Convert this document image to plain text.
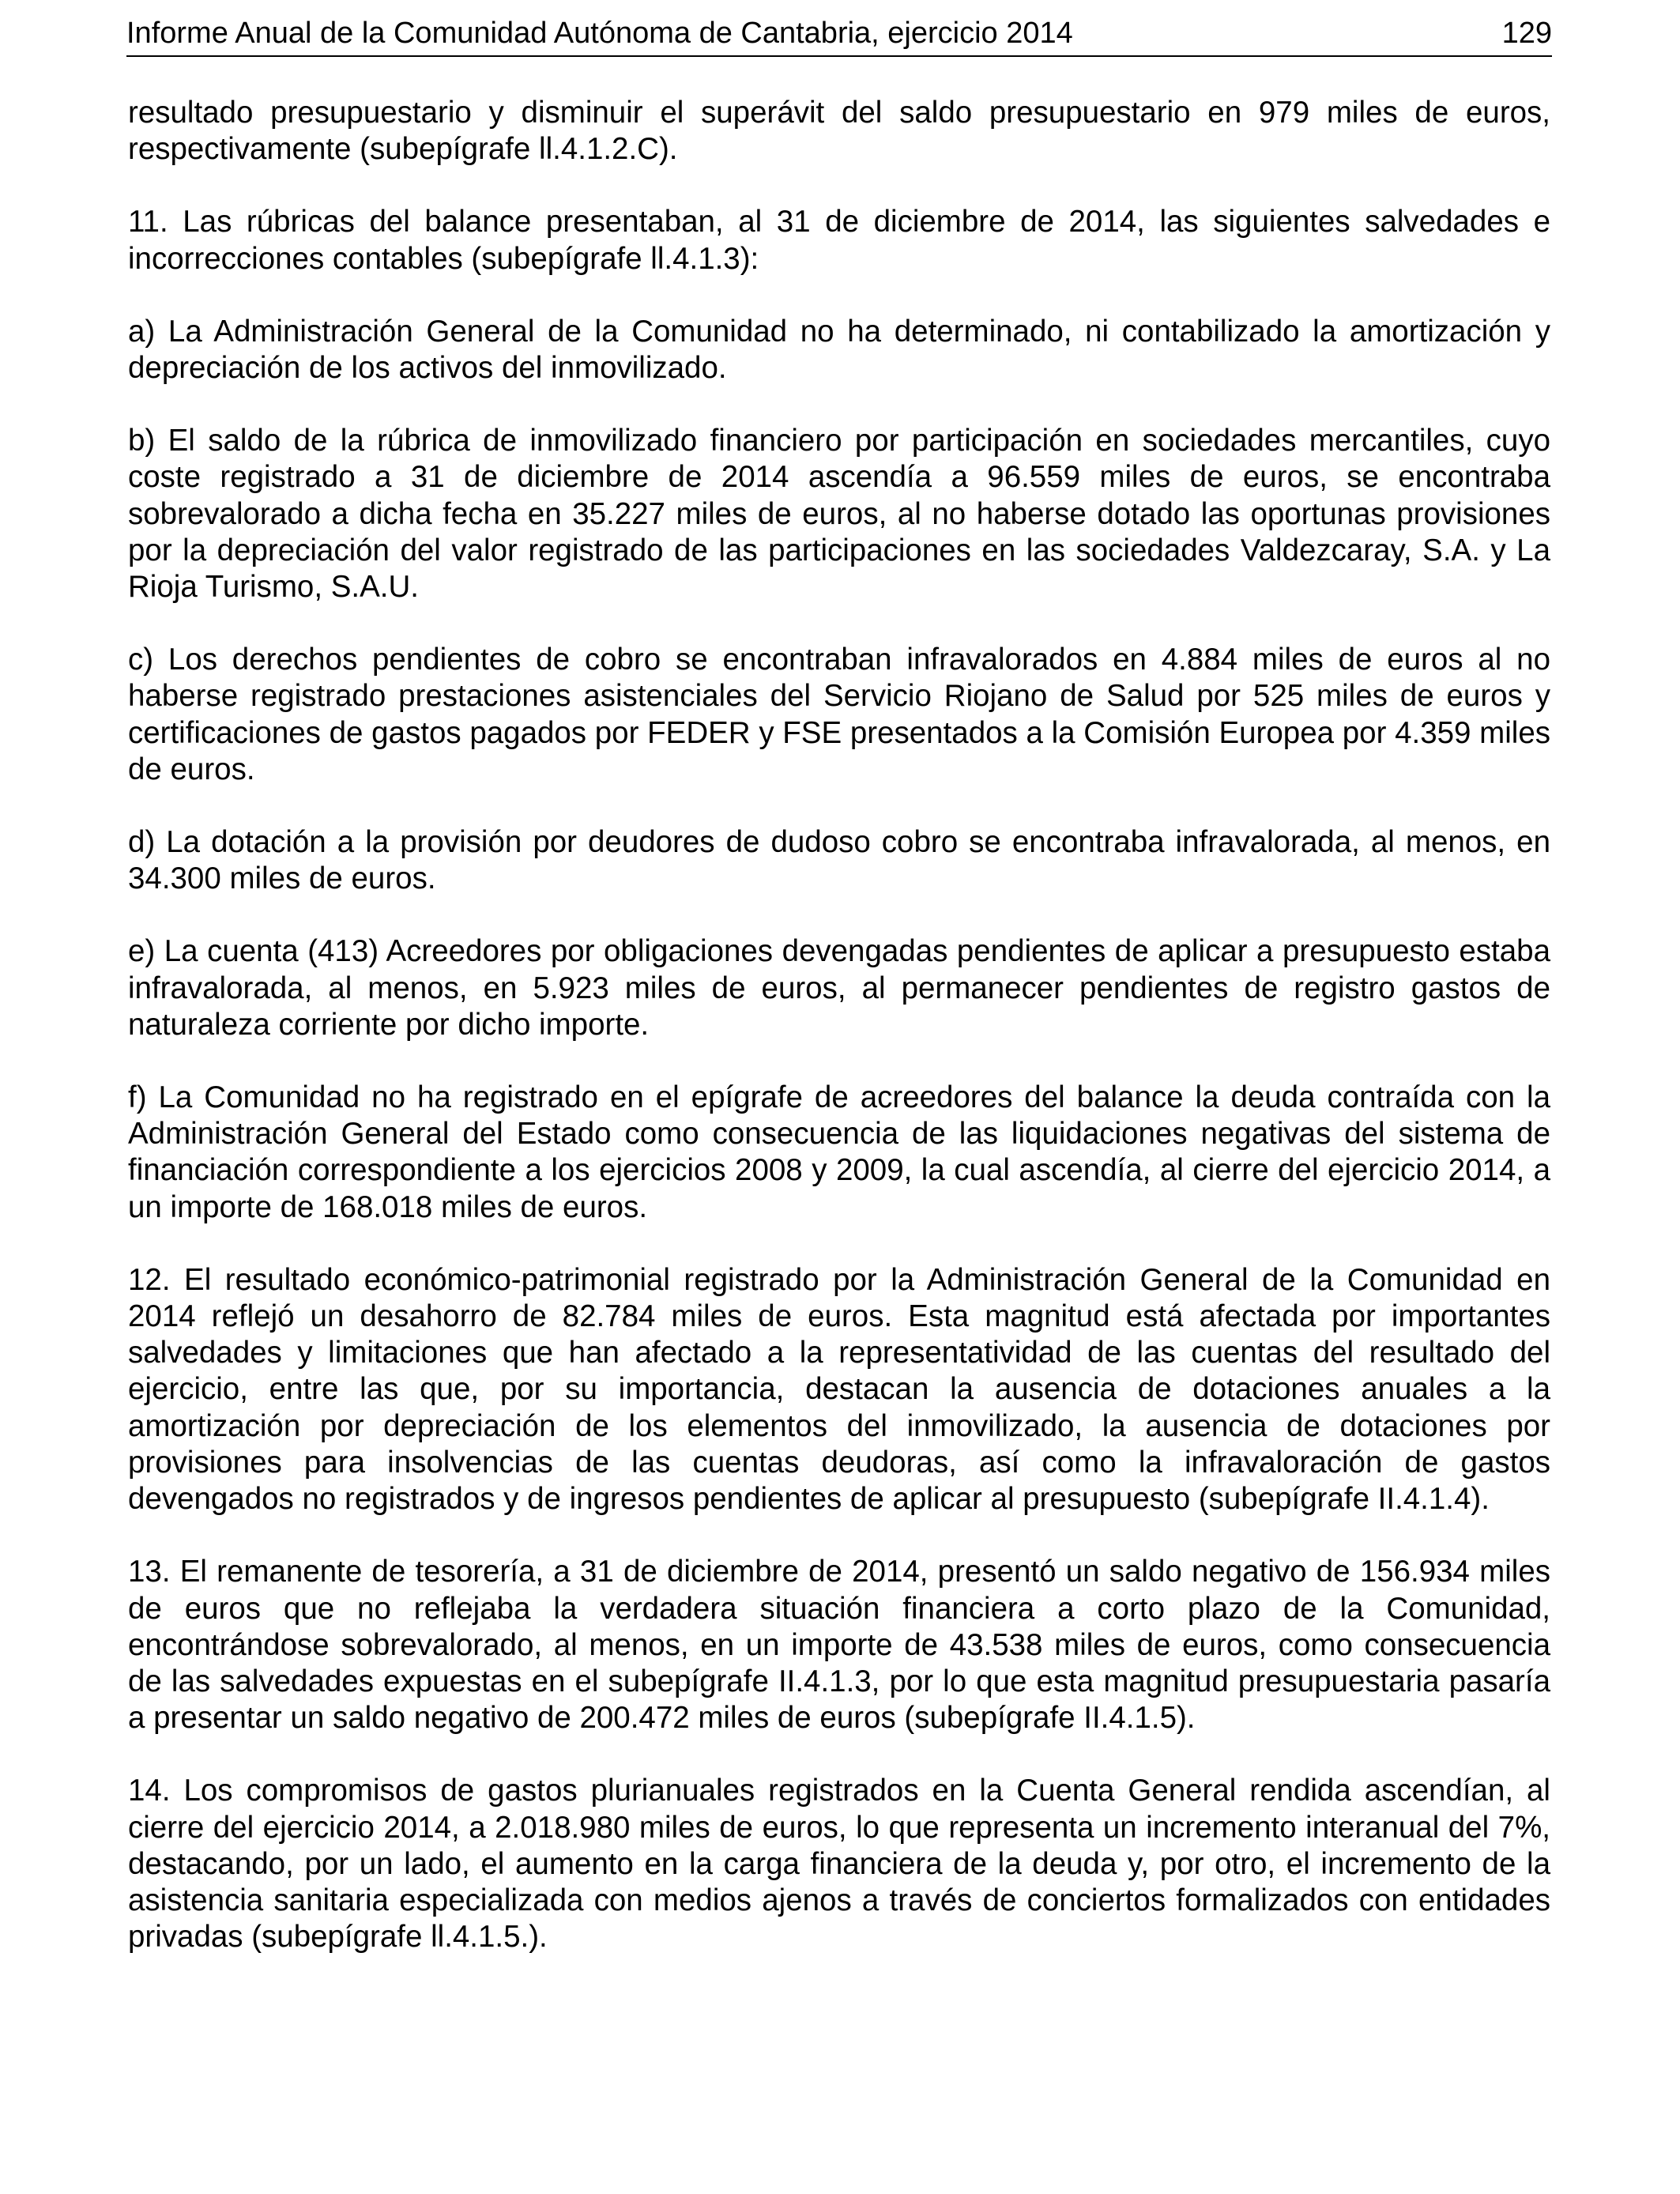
Informe Anual de la Comunidad Autónoma de Cantabria, ejercicio 2014	129

resultado presupuestario y disminuir el superávit del saldo presupuestario en 979 miles de euros, respectivamente (subepígrafe ll.4.1.2.C).

11. Las rúbricas del balance presentaban, al 31 de diciembre de 2014, las siguientes salvedades e incorrecciones contables (subepígrafe ll.4.1.3):

a) La Administración General de la Comunidad no ha determinado, ni contabilizado la amortización y depreciación de los activos del inmovilizado.

b) El saldo de la rúbrica de inmovilizado financiero por participación en sociedades mercantiles, cuyo coste registrado a 31 de diciembre de 2014 ascendía a 96.559 miles de euros, se encontraba sobrevalorado a dicha fecha en 35.227 miles de euros, al no haberse dotado las oportunas provisiones por la depreciación del valor registrado de las participaciones en las sociedades Valdezcaray, S.A. y La Rioja Turismo, S.A.U.

c) Los derechos pendientes de cobro se encontraban infravalorados en 4.884 miles de euros al no haberse registrado prestaciones asistenciales del Servicio Riojano de Salud por 525 miles de euros y certificaciones de gastos pagados por FEDER y FSE presentados a la Comisión Europea por 4.359 miles de euros.

d) La dotación a la provisión por deudores de dudoso cobro se encontraba infravalorada, al menos, en 34.300 miles de euros.

e) La cuenta (413) Acreedores por obligaciones devengadas pendientes de aplicar a presupuesto estaba infravalorada, al menos, en 5.923 miles de euros, al permanecer pendientes de registro gastos de naturaleza corriente por dicho importe.

f) La Comunidad no ha registrado en el epígrafe de acreedores del balance la deuda contraída con la Administración General del Estado como consecuencia de las liquidaciones negativas del sistema de financiación correspondiente a los ejercicios 2008 y 2009, la cual ascendía, al cierre del ejercicio 2014, a un importe de 168.018 miles de euros.

12. El resultado económico-patrimonial registrado por la Administración General de la Comunidad en 2014 reflejó un desahorro de 82.784 miles de euros. Esta magnitud está afectada por importantes salvedades y limitaciones que han afectado a la representatividad de las cuentas del resultado del ejercicio, entre las que, por su importancia, destacan la ausencia de dotaciones anuales a la amortización por depreciación de los elementos del inmovilizado, la ausencia de dotaciones por provisiones para insolvencias de las cuentas deudoras, así como la infravaloración de gastos devengados no registrados y de ingresos pendientes de aplicar al presupuesto (subepígrafe II.4.1.4).

13. El remanente de tesorería, a 31 de diciembre de 2014, presentó un saldo negativo de 156.934 miles de euros que no reflejaba la verdadera situación financiera a corto plazo de la Comunidad, encontrándose sobrevalorado, al menos, en un importe de 43.538 miles de euros, como consecuencia de las salvedades expuestas en el subepígrafe II.4.1.3, por lo que esta magnitud presupuestaria pasaría a presentar un saldo negativo de 200.472 miles de euros (subepígrafe II.4.1.5).

14. Los compromisos de gastos plurianuales registrados en la Cuenta General rendida ascendían, al cierre del ejercicio 2014, a 2.018.980 miles de euros, lo que representa un incremento interanual del 7%, destacando, por un lado, el aumento en la carga financiera de la deuda y, por otro, el incremento de la asistencia sanitaria especializada con medios ajenos a través de conciertos formalizados con entidades privadas (subepígrafe ll.4.1.5.).
